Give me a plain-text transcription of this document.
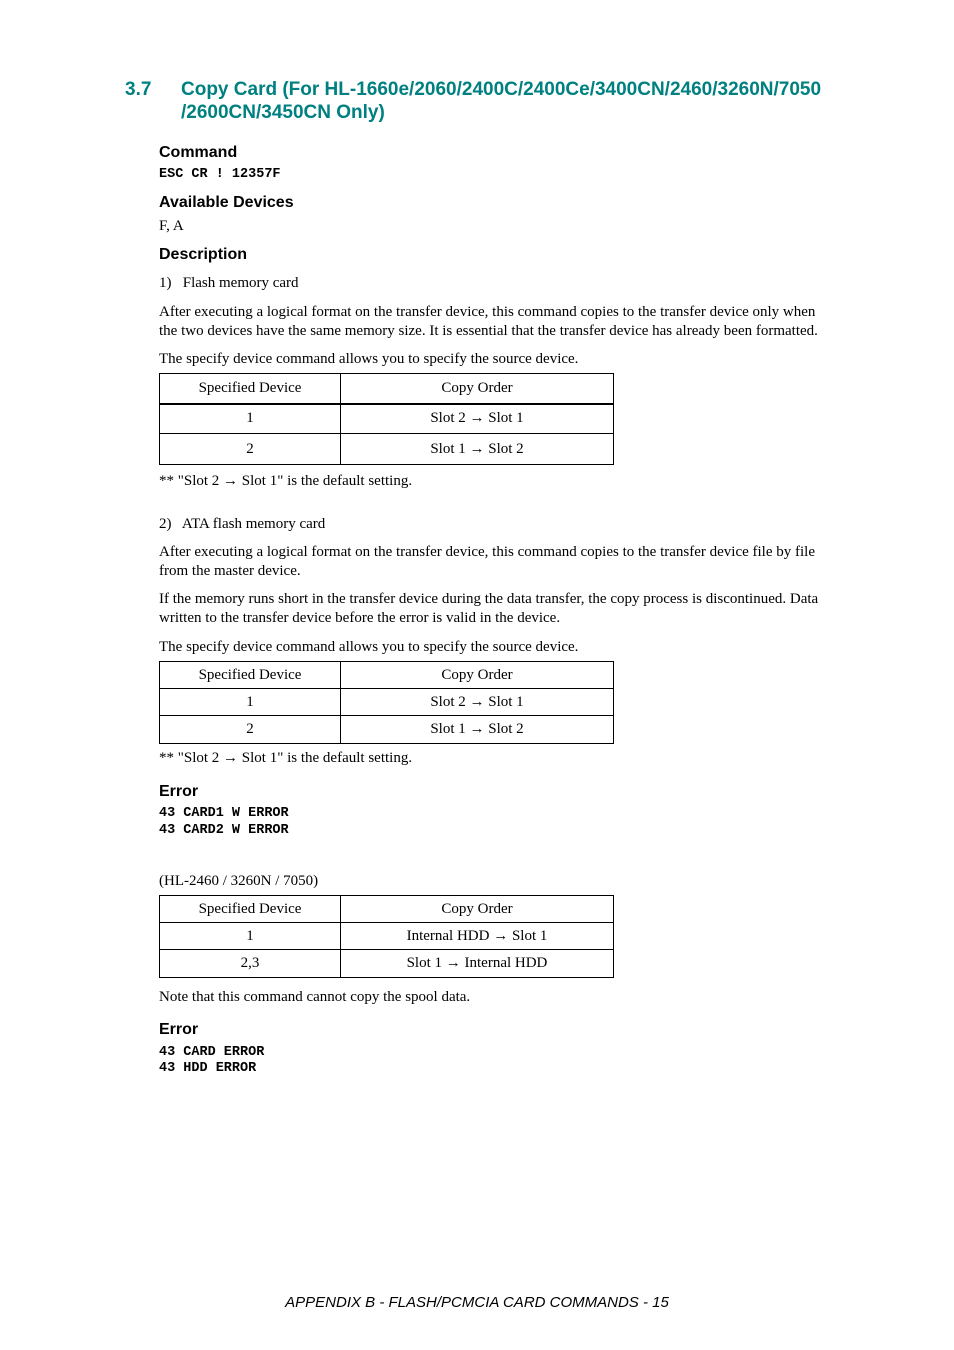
3.7 Copy Card (For HL-1660e/2060/2400C/2400Ce/3400CN/2460/3260N/7050
/2600CN/3450CN Only)
Command
ESC CR ! 12357F
Available Devices
F, A
Description
1)   Flash memory card
After executing a logical format on the transfer device, this command copies to the transfer device only when
the two devices have the same memory size. It is essential that the transfer device has already been formatted.
The specify device command allows you to specify the source device.
Specified Device	Copy Order
1	Slot 2 → Slot 1
2	Slot 1 → Slot 2
** "Slot 2 → Slot 1" is the default setting.
2)   ATA flash memory card
After executing a logical format on the transfer device, this command copies to the transfer device file by file
from the master device.
If the memory runs short in the transfer device during the data transfer, the copy process is discontinued. Data
written to the transfer device before the error is valid in the device.
The specify device command allows you to specify the source device.
Specified Device	Copy Order
1	Slot 2 → Slot 1
2	Slot 1 → Slot 2
** "Slot 2 → Slot 1" is the default setting.
Error
43 CARD1 W ERROR
43 CARD2 W ERROR
(HL-2460 / 3260N / 7050)
Specified Device	Copy Order
1	Internal HDD → Slot 1
2,3	Slot 1 → Internal HDD
Note that this command cannot copy the spool data.
Error
43 CARD ERROR
43 HDD ERROR
APPENDIX B - FLASH/PCMCIA CARD COMMANDS - 15
